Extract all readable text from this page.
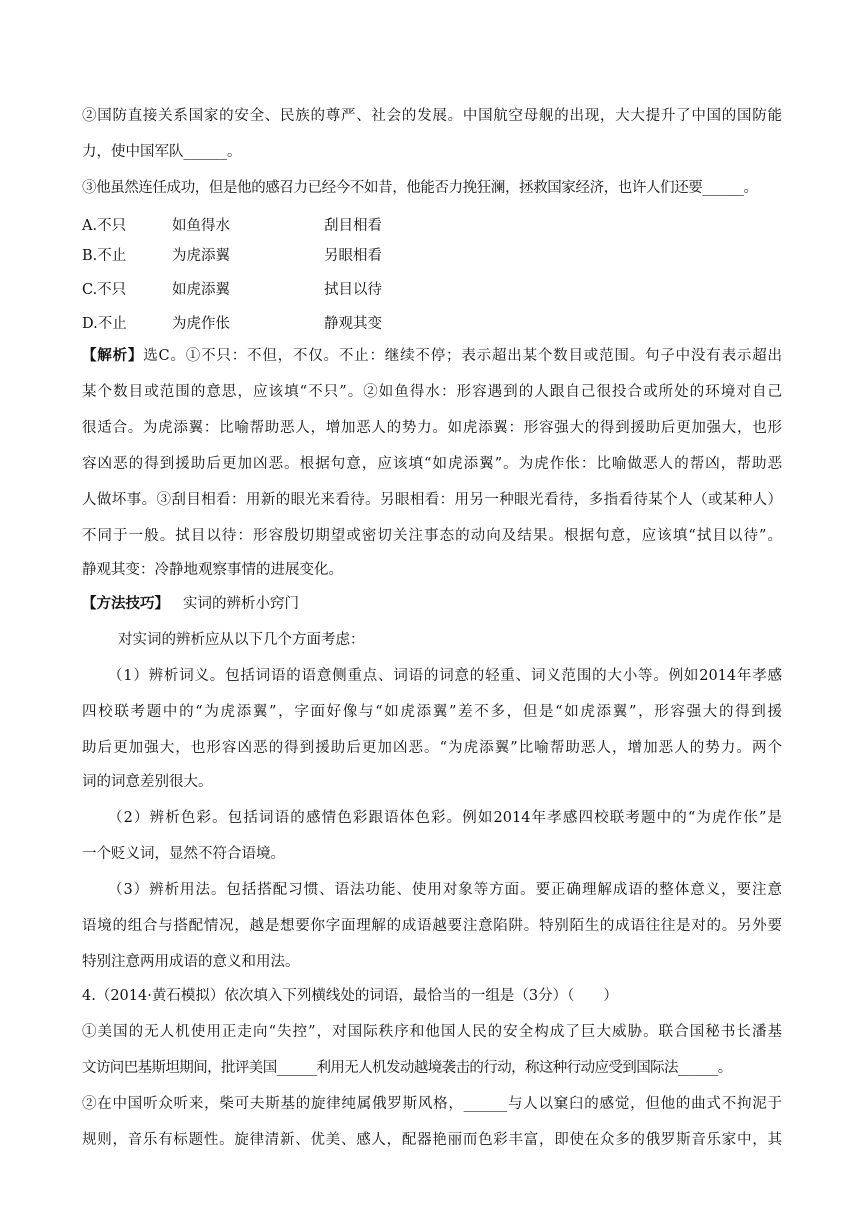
②国防直接关系国家的安全、民族的尊严、社会的发展。中国航空母舰的出现，大大提升了中国的国防能
力，使中国军队______。
③他虽然连任成功，但是他的感召力已经今不如昔，他能否力挽狂澜，拯救国家经济，也许人们还要______。
A.不只	如鱼得水	刮目相看
B.不止	为虎添翼	另眼相看
C.不只	如虎添翼	拭目以待
D.不止	为虎作伥	静观其变
【解析】选C。①不只：不但，不仅。不止：继续不停；表示超出某个数目或范围。句子中没有表示超出
某个数目或范围的意思，应该填“不只”。②如鱼得水：形容遇到的人跟自己很投合或所处的环境对自己
很适合。为虎添翼：比喻帮助恶人，增加恶人的势力。如虎添翼：形容强大的得到援助后更加强大，也形
容凶恶的得到援助后更加凶恶。根据句意，应该填“如虎添翼”。为虎作伥：比喻做恶人的帮凶，帮助恶
人做坏事。③刮目相看：用新的眼光来看待。另眼相看：用另一种眼光看待，多指看待某个人（或某种人）
不同于一般。拭目以待：形容殷切期望或密切关注事态的动向及结果。根据句意，应该填“拭目以待”。
静观其变：冷静地观察事情的进展变化。
【方法技巧】 实词的辨析小窍门
对实词的辨析应从以下几个方面考虑：
（1）辨析词义。包括词语的语意侧重点、词语的词意的轻重、词义范围的大小等。例如2014年孝感
四校联考题中的“为虎添翼”，字面好像与“如虎添翼”差不多，但是“如虎添翼”，形容强大的得到援
助后更加强大，也形容凶恶的得到援助后更加凶恶。“为虎添翼”比喻帮助恶人，增加恶人的势力。两个
词的词意差别很大。
（2）辨析色彩。包括词语的感情色彩跟语体色彩。例如2014年孝感四校联考题中的“为虎作伥”是
一个贬义词，显然不符合语境。
（3）辨析用法。包括搭配习惯、语法功能、使用对象等方面。要正确理解成语的整体意义，要注意
语境的组合与搭配情况，越是想要你字面理解的成语越要注意陷阱。特别陌生的成语往往是对的。另外要
特别注意两用成语的意义和用法。
4.（2014·黄石模拟）依次填入下列横线处的词语，最恰当的一组是（3分）（　　）
①美国的无人机使用正走向“失控”，对国际秩序和他国人民的安全构成了巨大威胁。联合国秘书长潘基
文访问巴基斯坦期间，批评美国______利用无人机发动越境袭击的行动，称这种行动应受到国际法______。
②在中国听众听来，柴可夫斯基的旋律纯属俄罗斯风格，______与人以窠臼的感觉，但他的曲式不拘泥于
规则，音乐有标题性。旋律清新、优美、感人，配器艳丽而色彩丰富，即使在众多的俄罗斯音乐家中，其
